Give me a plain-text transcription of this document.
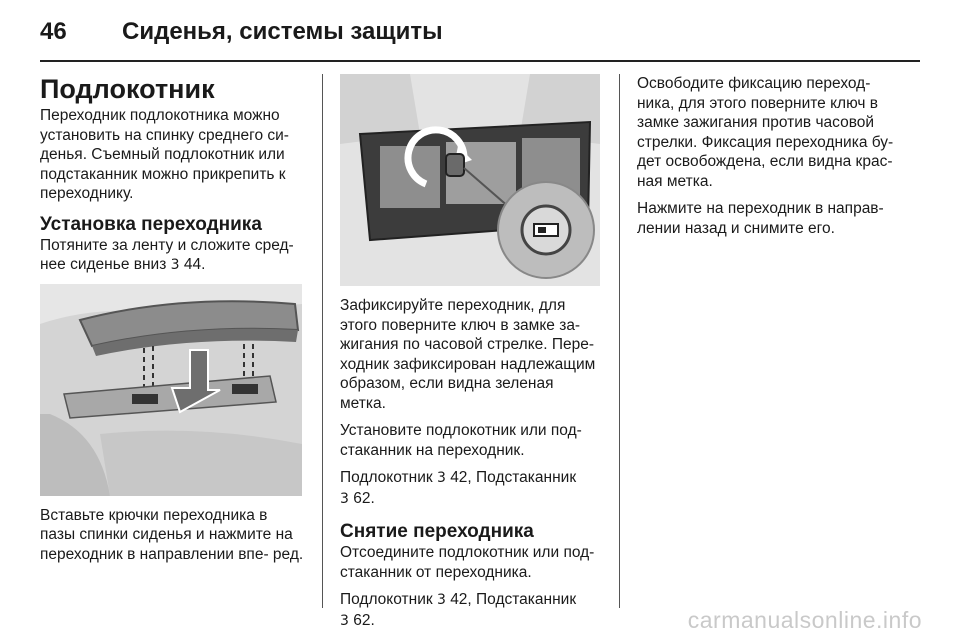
46 Сиденья, системы защиты
Подлокотник

Переходник подлокотника можно установить на спинку среднего си- денья. Съемный подлокотник или подстаканник можно прикрепить к переходнику.

Установка переходника

Потяните за ленту и сложите сред- нее сиденье вниз 3 44.

Вставьте крючки переходника в пазы спинки сиденья и нажмите на переходник в направлении впе- ред.

Зафиксируйте переходник, для этого поверните ключ в замке за- жигания по часовой стрелке. Пере- ходник зафиксирован надлежащим образом, если видна зеленая метка.

Установите подлокотник или под- стаканник на переходник.

Подлокотник 3 42, Подстаканник
3 62.

Снятие переходника

Отсоедините подлокотник или под- стаканник от переходника.

Подлокотник 3 42, Подстаканник
3 62.

Освободите фиксацию переход- ника, для этого поверните ключ в замке зажигания против часовой стрелки. Фиксация переходника бу- дет освобождена, если видна крас- ная метка.

Нажмите на переходник в направ- лении назад и снимите его.

carmanualsonline.info
